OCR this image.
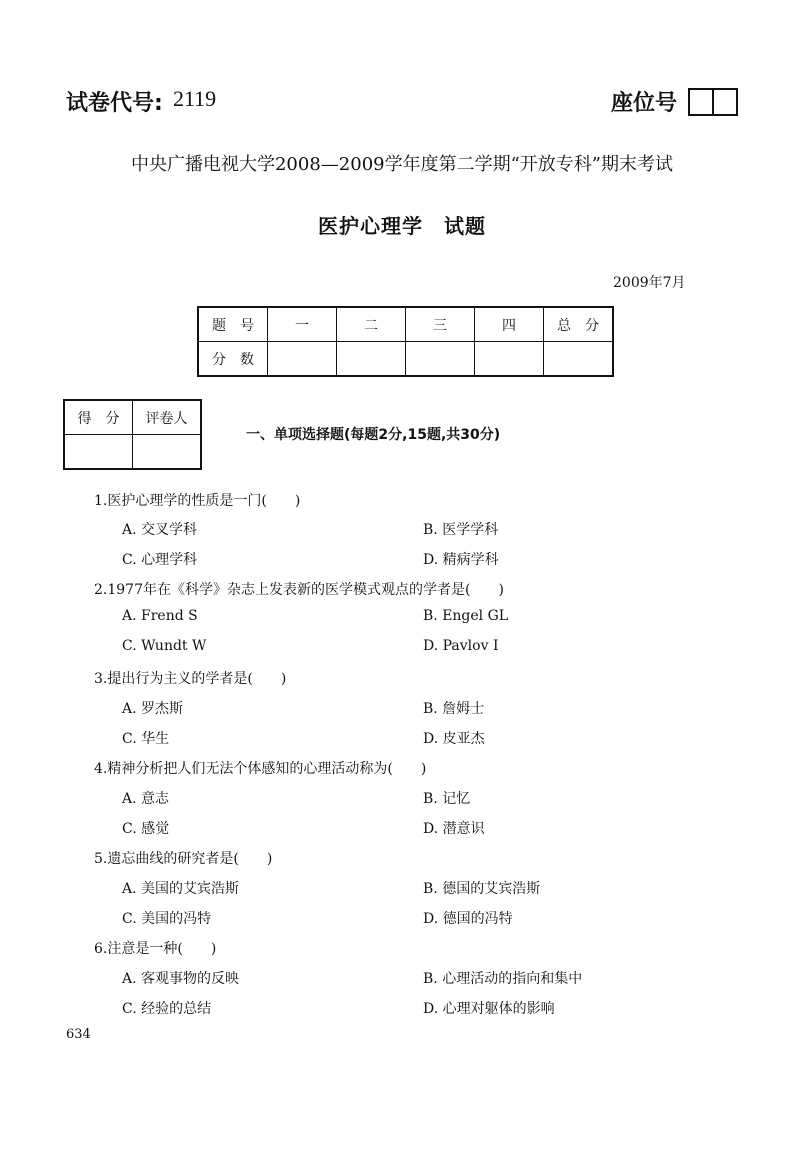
试卷代号: 2119	座位号
中央广播电视大学2008—2009学年度第二学期“开放专科”期末考试
医护心理学　试题
2009年7月
题　号	一	二	三	四	总　分
分　数					
得　分	评卷人

一、单项选择题(每题2分,15题,共30分)
1.医护心理学的性质是一门(　　)
A. 交叉学科	B. 医学学科
C. 心理学科	D. 精病学科
2.1977年在《科学》杂志上发表新的医学模式观点的学者是(　　)
A. Frend S	B. Engel GL
C. Wundt W	D. Pavlov I
3.提出行为主义的学者是(　　)
A. 罗杰斯	B. 詹姆士
C. 华生	D. 皮亚杰
4.精神分析把人们无法个体感知的心理活动称为(　　)
A. 意志	B. 记忆
C. 感觉	D. 潜意识
5.遗忘曲线的研究者是(　　)
A. 美国的艾宾浩斯	B. 德国的艾宾浩斯
C. 美国的冯特	D. 德国的冯特
6.注意是一种(　　)
A. 客观事物的反映	B. 心理活动的指向和集中
C. 经验的总结	D. 心理对躯体的影响
634
